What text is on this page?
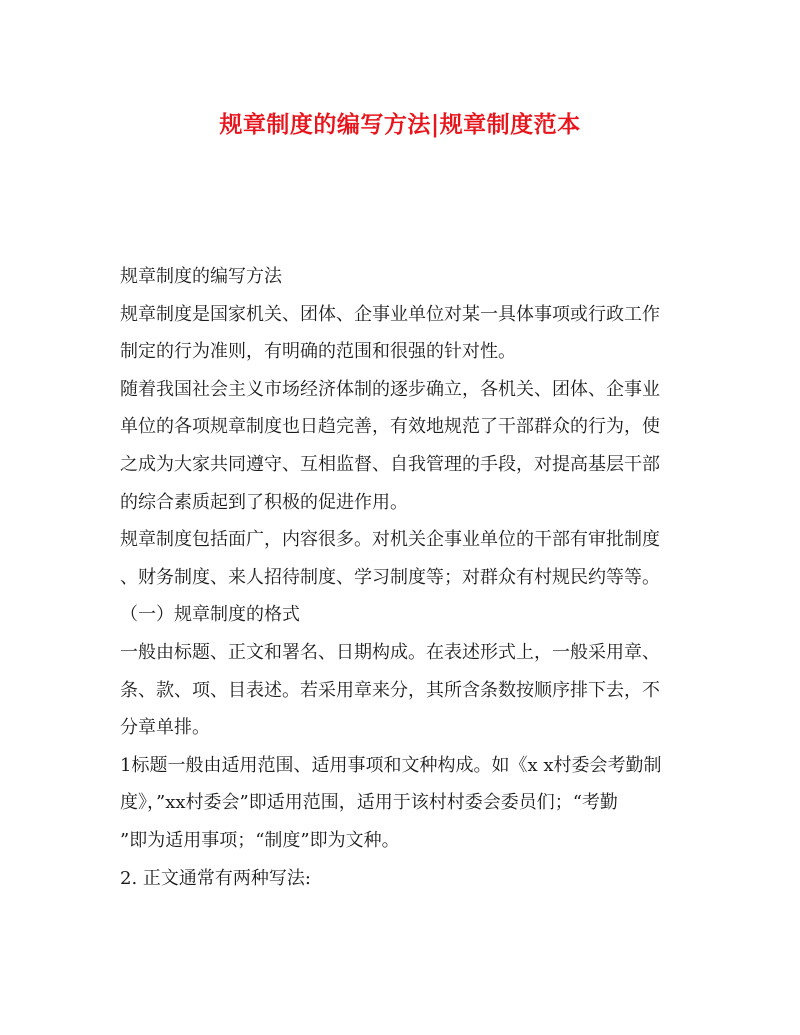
规章制度的编写方法|规章制度范本
规章制度的编写方法
规章制度是国家机关、团体、企事业单位对某一具体事项或行政工作
制定的行为准则，有明确的范围和很强的针对性。
随着我国社会主义市场经济体制的逐步确立，各机关、团体、企事业
单位的各项规章制度也日趋完善，有效地规范了干部群众的行为，使
之成为大家共同遵守、互相监督、自我管理的手段，对提高基层干部
的综合素质起到了积极的促进作用。
规章制度包括面广，内容很多。对机关企事业单位的干部有审批制度
、财务制度、来人招待制度、学习制度等；对群众有村规民约等等。
（一）规章制度的格式
一般由标题、正文和署名、日期构成。在表述形式上，一般采用章、
条、款、项、目表述。若采用章来分，其所含条数按顺序排下去，不
分章单排。
1标题一般由适用范围、适用事项和文种构成。如《x x村委会考勤制
度》，”xx村委会”即适用范围，适用于该村村委会委员们；“考勤
”即为适用事项；“制度”即为文种。
2. 正文通常有两种写法:
